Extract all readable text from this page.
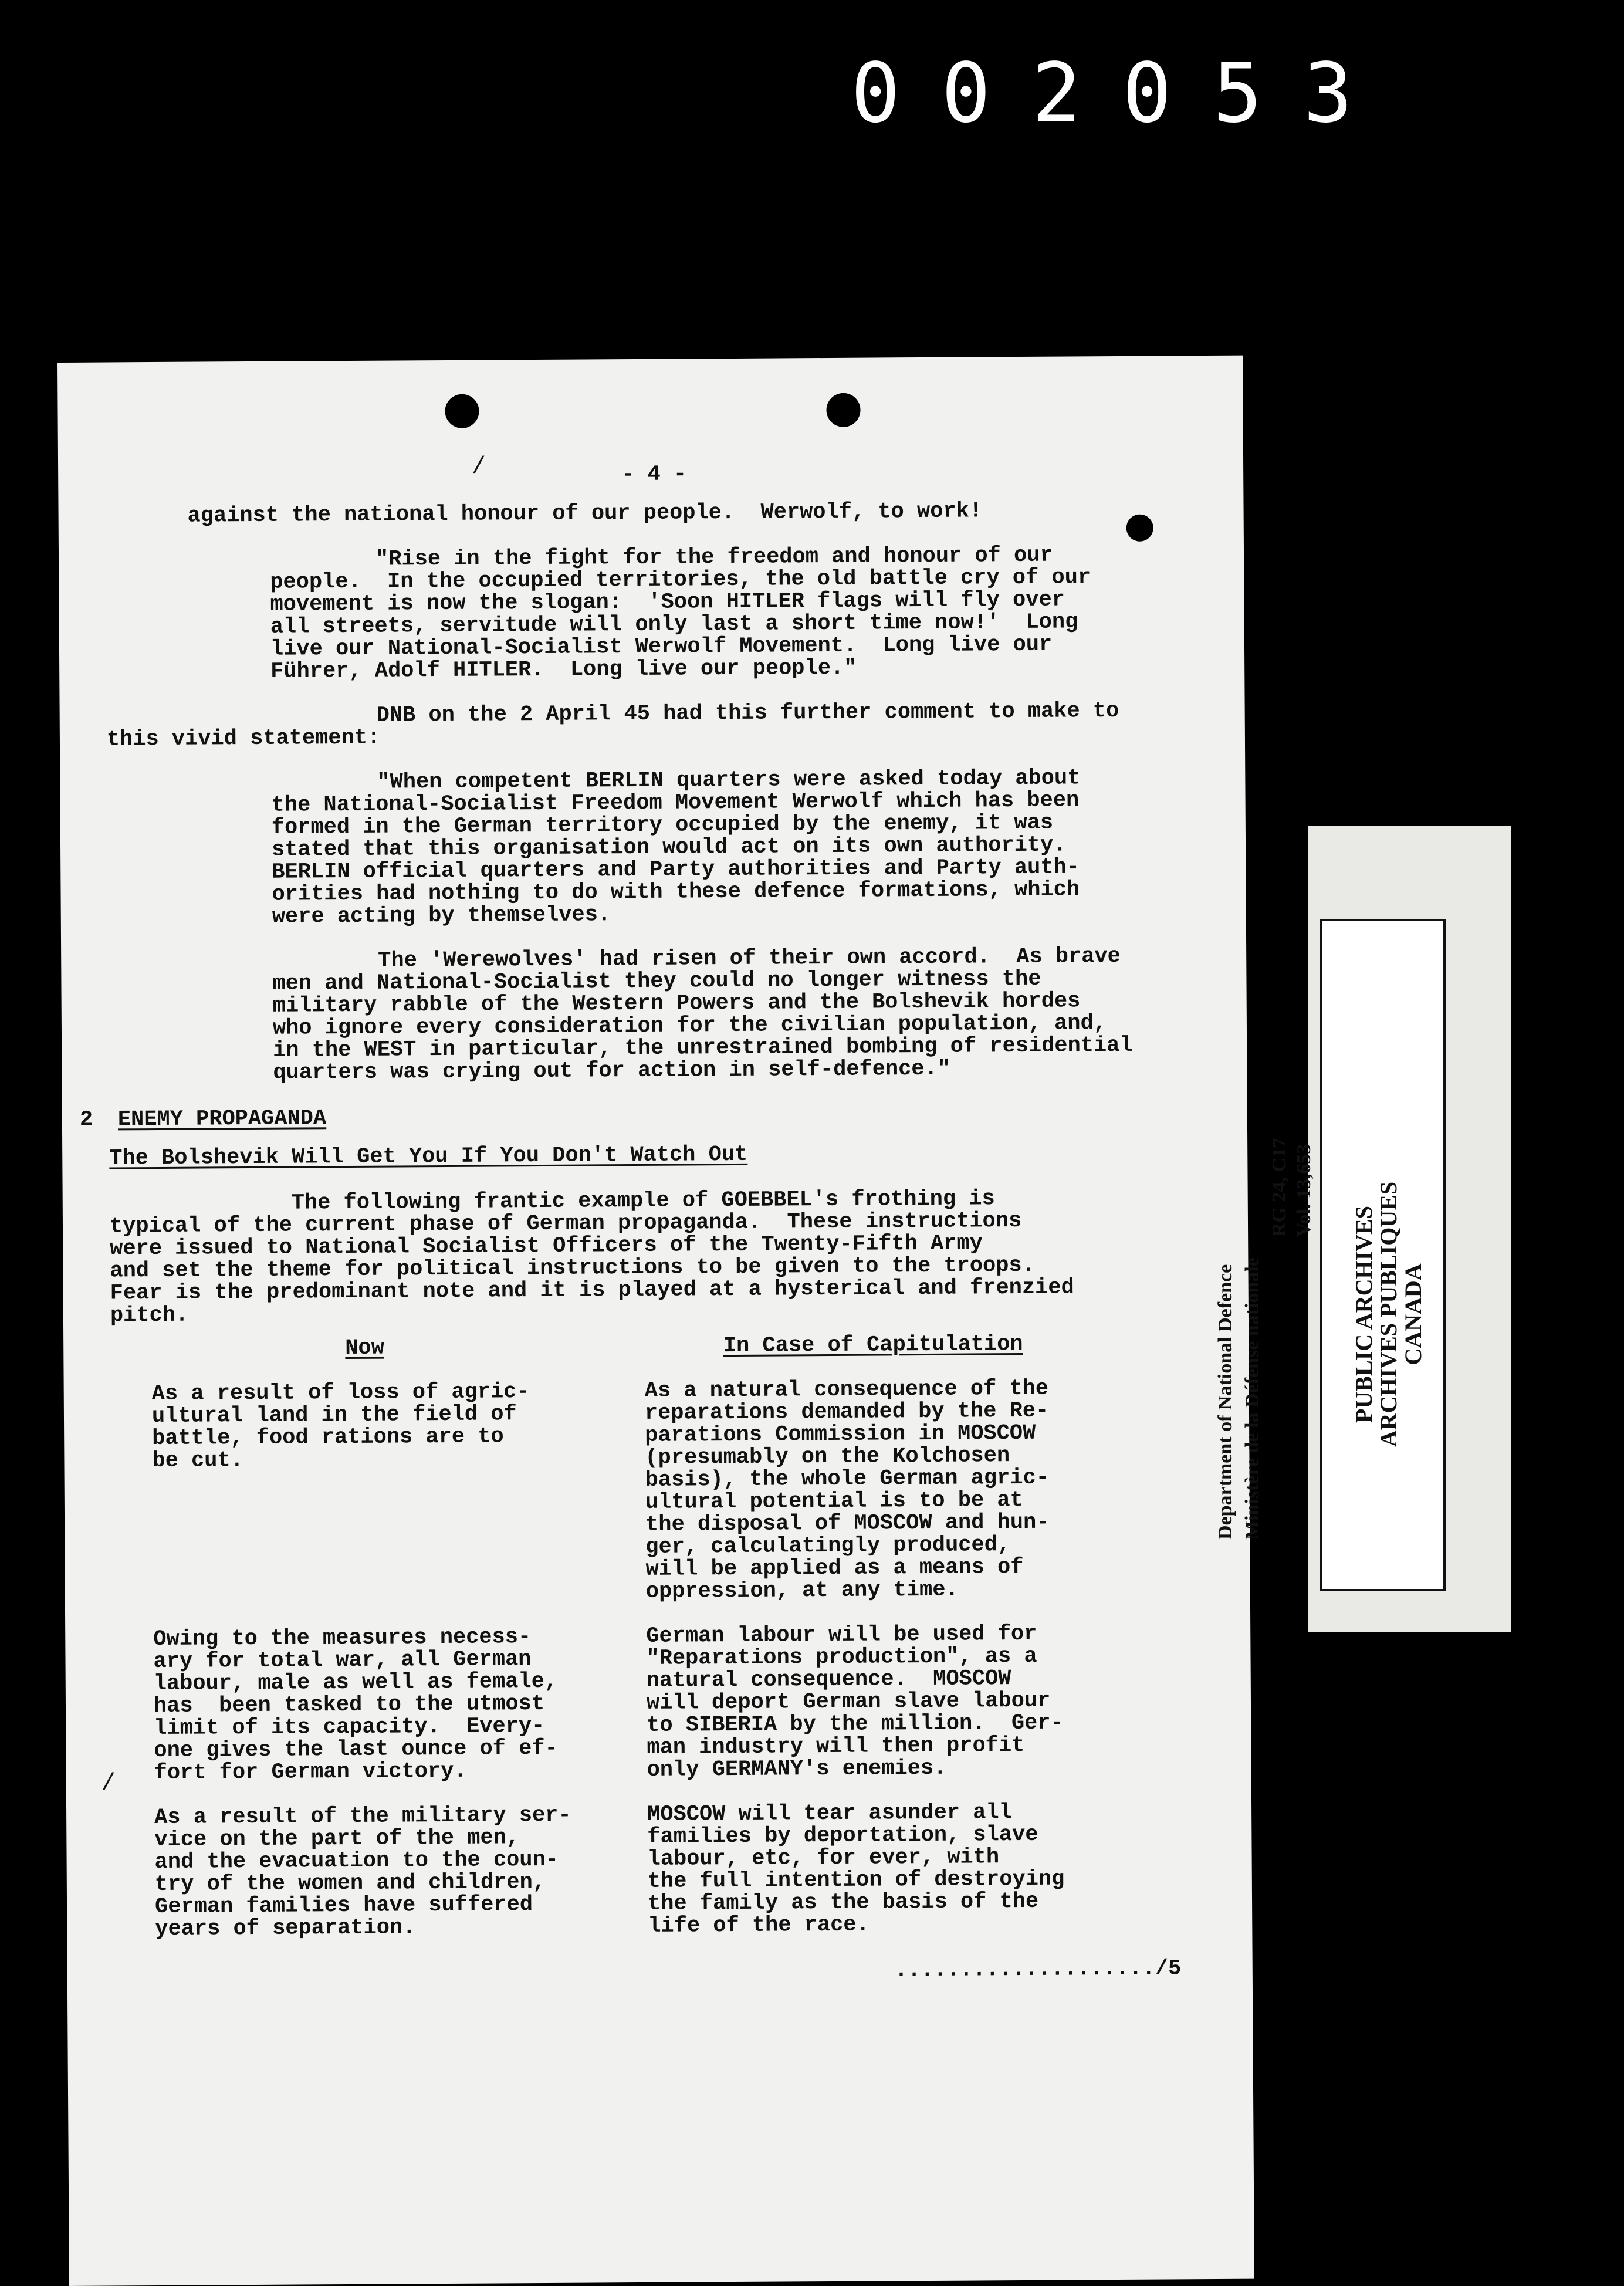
002053
/
/

- 4 -

against the national honour of our people.  Werwolf, to work!

"Rise in the fight for the freedom and honour of our

people.  In the occupied territories, the old battle cry of our

movement is now the slogan:  'Soon HITLER flags will fly over

all streets, servitude will only last a short time now!'  Long

live our National-Socialist Werwolf Movement.  Long live our

Führer, Adolf HITLER.  Long live our people."

DNB on the 2 April 45 had this further comment to make to

this vivid statement:

"When competent BERLIN quarters were asked today about

the National-Socialist Freedom Movement Werwolf which has been

formed in the German territory occupied by the enemy, it was

stated that this organisation would act on its own authority.

BERLIN official quarters and Party authorities and Party auth-

orities had nothing to do with these defence formations, which

were acting by themselves.

The 'Werewolves' had risen of their own accord.  As brave

men and National-Socialist they could no longer witness the

military rabble of the Western Powers and the Bolshevik hordes

who ignore every consideration for the civilian population, and,

in the WEST in particular, the unrestrained bombing of residential

quarters was crying out for action in self-defence."

2	ENEMY PROPAGANDA

The Bolshevik Will Get You If You Don't Watch Out

The following frantic example of GOEBBEL's frothing is

typical of the current phase of German propaganda.  These instructions

were issued to National Socialist Officers of the Twenty-Fifth Army

and set the theme for political instructions to be given to the troops.

Fear is the predominant note and it is played at a hysterical and frenzied

pitch.

Now	In Case of Capitulation

As a result of loss of agric-

ultural land in the field of

battle, food rations are to

be cut.

As a natural consequence of the

reparations demanded by the Re-

parations Commission in MOSCOW

(presumably on the Kolchosen

basis), the whole German agric-

ultural potential is to be at

the disposal of MOSCOW and hun-

ger, calculatingly produced,

will be applied as a means of

oppression, at any time.

Owing to the measures necess-

ary for total war, all German

labour, male as well as female,

has  been tasked to the utmost

limit of its capacity.  Every-

one gives the last ounce of ef-

fort for German victory.

German labour will be used for

"Reparations production", as a

natural consequence.  MOSCOW

will deport German slave labour

to SIBERIA by the million.  Ger-

man industry will then profit

only GERMANY's enemies.

As a result of the military ser-

vice on the part of the men,

and the evacuation to the coun-

try of the women and children,

German families have suffered

years of separation.

MOSCOW will tear asunder all

families by deportation, slave

labour, etc, for ever, with

the full intention of destroying

the family as the basis of the

life of the race.

..................../5

Department of National Defence Ministère de la Défense nationale
RG 24, C17 Vol. 13,653
PUBLIC ARCHIVES
ARCHIVES PUBLIQUES
CANADA
